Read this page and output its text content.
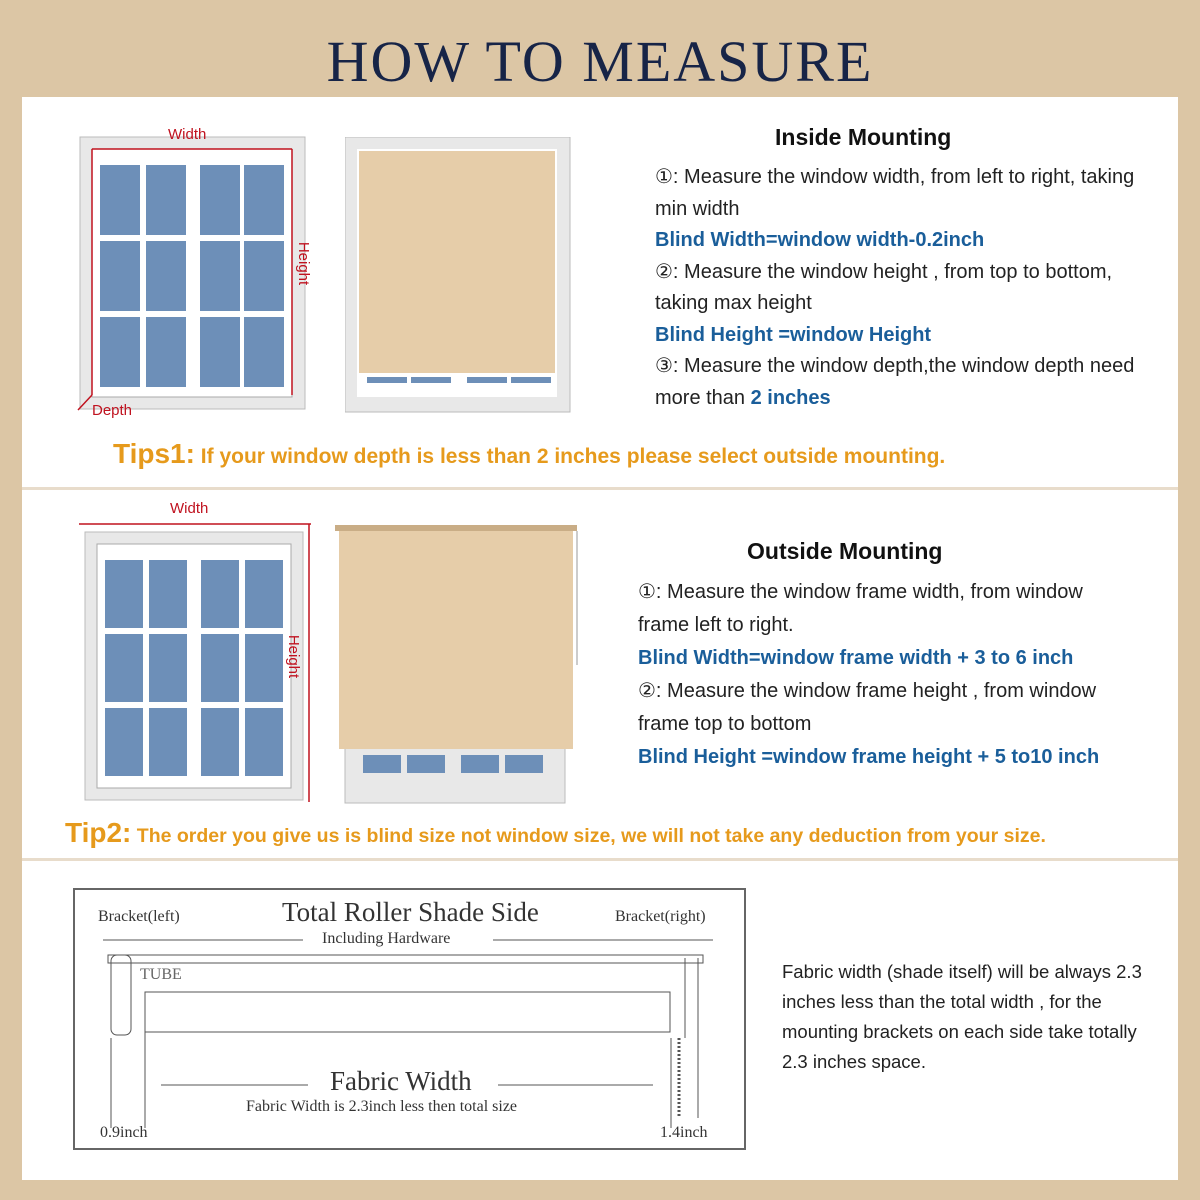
HOW TO MEASURE
Width
Height
Depth
Inside Mounting
①: Measure the window width, from left to right, taking min width
Blind Width=window width-0.2inch
②: Measure the window height , from top to bottom, taking max height
Blind Height =window Height
③: Measure the window depth,the window depth need more than 2 inches
Tips1: If your window depth is less than 2 inches please select outside mounting.
Width
Height
Outside Mounting
①: Measure the window frame width, from window frame left to right.
Blind Width=window frame width + 3 to 6 inch
②: Measure the window frame height , from window frame top to bottom
Blind Height =window frame height + 5 to10 inch
Tip2: The order you give us is blind size not window size, we will not take any deduction from your size.
Bracket(left)	Total Roller Shade Side	Bracket(right)
Including Hardware
TUBE
Fabric Width
Fabric Width is 2.3inch less then total size
0.9inch	1.4inch
Fabric width (shade itself) will be always 2.3 inches less than the total width , for the mounting brackets on each side take totally 2.3 inches space.
